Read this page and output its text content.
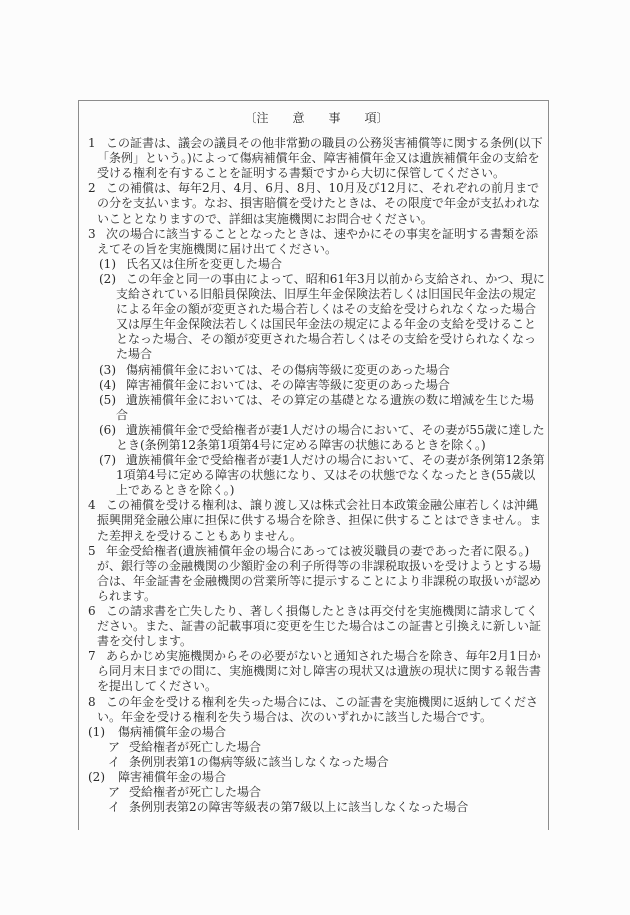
〔注　　意　　事　　項〕
1 この証書は、議会の議員その他非常勤の職員の公務災害補償等に関する条例(以下「条例」という。)によって傷病補償年金、障害補償年金又は遺族補償年金の支給を受ける権利を有することを証明する書類ですから大切に保管してください。
2 この補償は、毎年2月、4月、6月、8月、10月及び12月に、それぞれの前月までの分を支払います。なお、損害賠償を受けたときは、その限度で年金が支払われないこととなりますので、詳細は実施機関にお問合せください。
3 次の場合に該当することとなったときは、速やかにその事実を証明する書類を添えてその旨を実施機関に届け出てください。
(1) 氏名又は住所を変更した場合
(2) この年金と同一の事由によって、昭和61年3月以前から支給され、かつ、現に支給されている旧船員保険法、旧厚生年金保険法若しくは旧国民年金法の規定による年金の額が変更された場合若しくはその支給を受けられなくなった場合又は厚生年金保険法若しくは国民年金法の規定による年金の支給を受けることとなった場合、その額が変更された場合若しくはその支給を受けられなくなった場合
(3) 傷病補償年金においては、その傷病等級に変更のあった場合
(4) 障害補償年金においては、その障害等級に変更のあった場合
(5) 遺族補償年金においては、その算定の基礎となる遺族の数に増減を生じた場合
(6) 遺族補償年金で受給権者が妻1人だけの場合において、その妻が55歳に達したとき(条例第12条第1項第4号に定める障害の状態にあるときを除く。)
(7) 遺族補償年金で受給権者が妻1人だけの場合において、その妻が条例第12条第1項第4号に定める障害の状態になり、又はその状態でなくなったとき(55歳以上であるときを除く。)
4 この補償を受ける権利は、譲り渡し又は株式会社日本政策金融公庫若しくは沖縄振興開発金融公庫に担保に供する場合を除き、担保に供することはできません。また差押えを受けることもありません。
5 年金受給権者(遺族補償年金の場合にあっては被災職員の妻であった者に限る。)が、銀行等の金融機関の少額貯金の利子所得等の非課税取扱いを受けようとする場合は、年金証書を金融機関の営業所等に提示することにより非課税の取扱いが認められます。
6 この請求書を亡失したり、著しく損傷したときは再交付を実施機関に請求してください。また、証書の記載事項に変更を生じた場合はこの証書と引換えに新しい証書を交付します。
7 あらかじめ実施機関からその必要がないと通知された場合を除き、毎年2月1日から同月末日までの間に、実施機関に対し障害の現状又は遺族の現状に関する報告書を提出してください。
8 この年金を受ける権利を失った場合には、この証書を実施機関に返納してください。年金を受ける権利を失う場合は、次のいずれかに該当した場合です。
(1) 傷病補償年金の場合
ア 受給権者が死亡した場合
イ 条例別表第1の傷病等級に該当しなくなった場合
(2) 障害補償年金の場合
ア 受給権者が死亡した場合
イ 条例別表第2の障害等級表の第7級以上に該当しなくなった場合
